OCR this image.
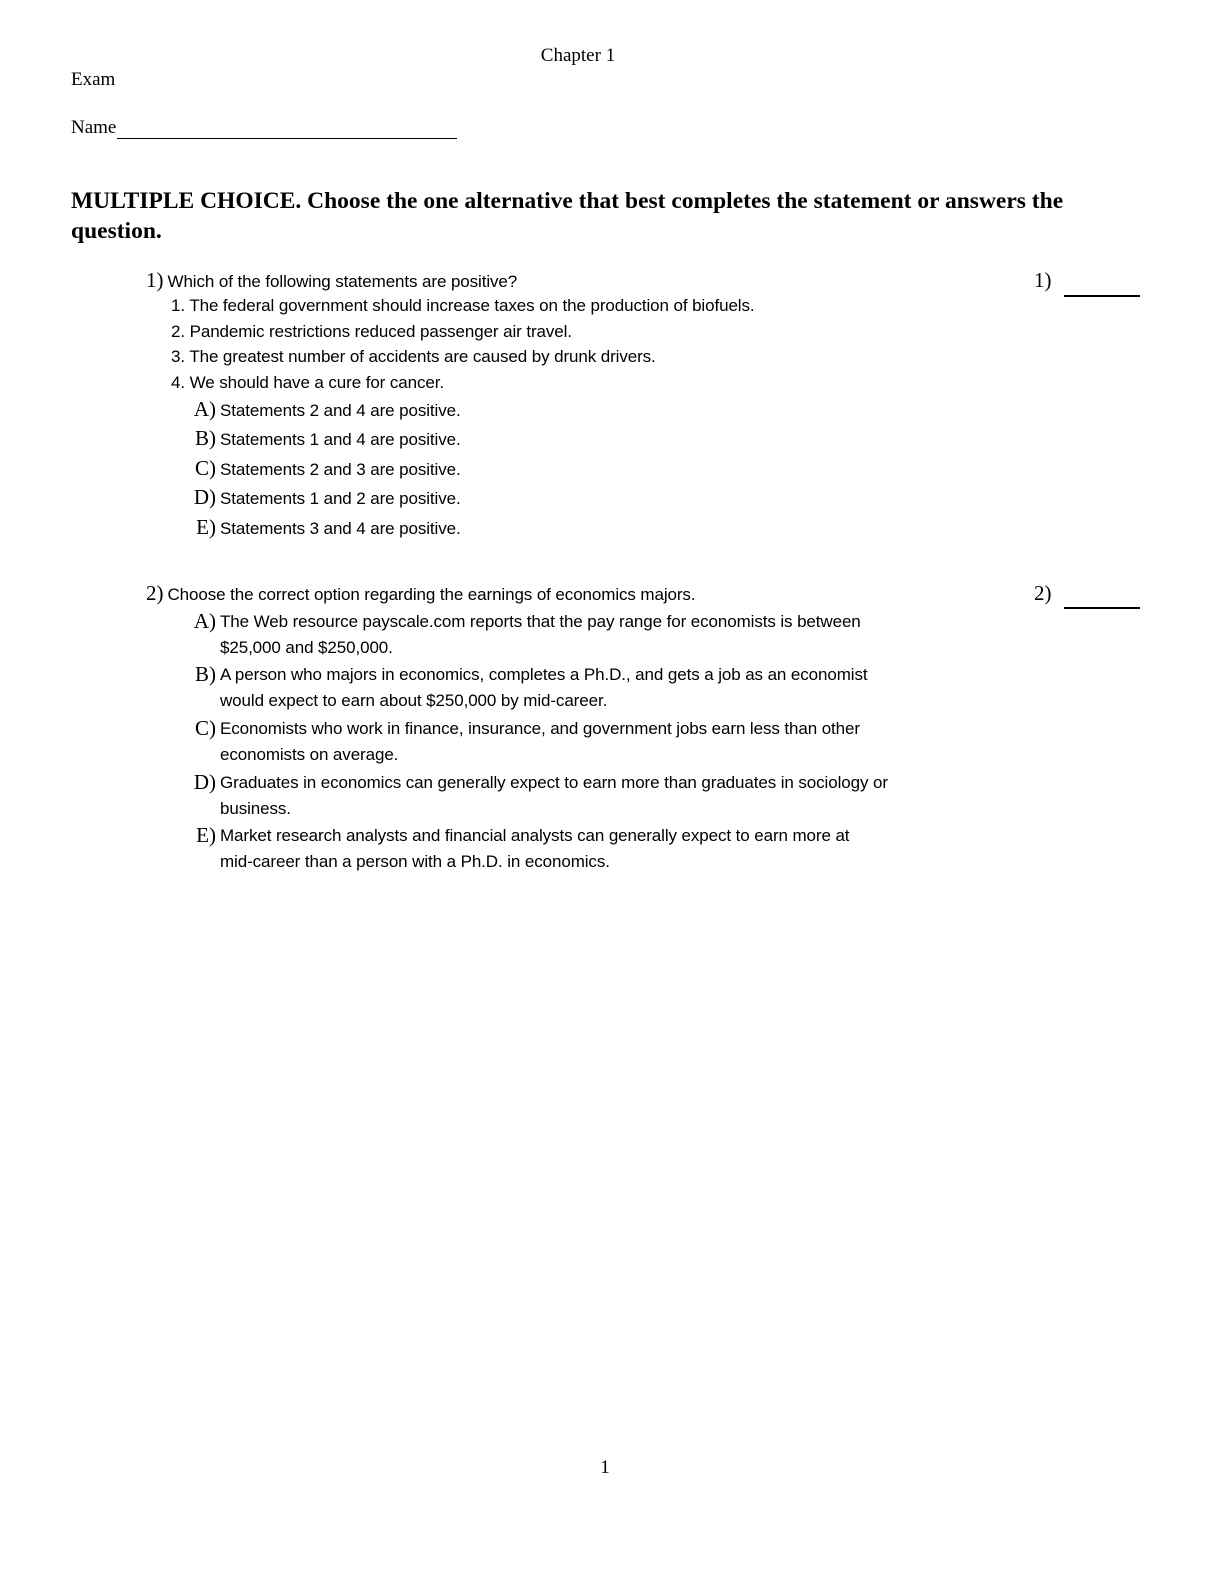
Chapter 1
Exam
Name
MULTIPLE CHOICE. Choose the one alternative that best completes the statement or answers the question.
1) Which of the following statements are positive?
1. The federal government should increase taxes on the production of biofuels.
2. Pandemic restrictions reduced passenger air travel.
3. The greatest number of accidents are caused by drunk drivers.
4. We should have a cure for cancer.
A) Statements 2 and 4 are positive.
B) Statements 1 and 4 are positive.
C) Statements 2 and 3 are positive.
D) Statements 1 and 2 are positive.
E) Statements 3 and 4 are positive.
1)
2) Choose the correct option regarding the earnings of economics majors.
A) The Web resource payscale.com reports that the pay range for economists is between
$25,000 and $250,000.
B) A person who majors in economics, completes a Ph.D., and gets a job as an economist
would expect to earn about $250,000 by mid-career.
C) Economists who work in finance, insurance, and government jobs earn less than other
economists on average.
D) Graduates in economics can generally expect to earn more than graduates in sociology or
business.
E) Market research analysts and financial analysts can generally expect to earn more at
mid-career than a person with a Ph.D. in economics.
2)
1
